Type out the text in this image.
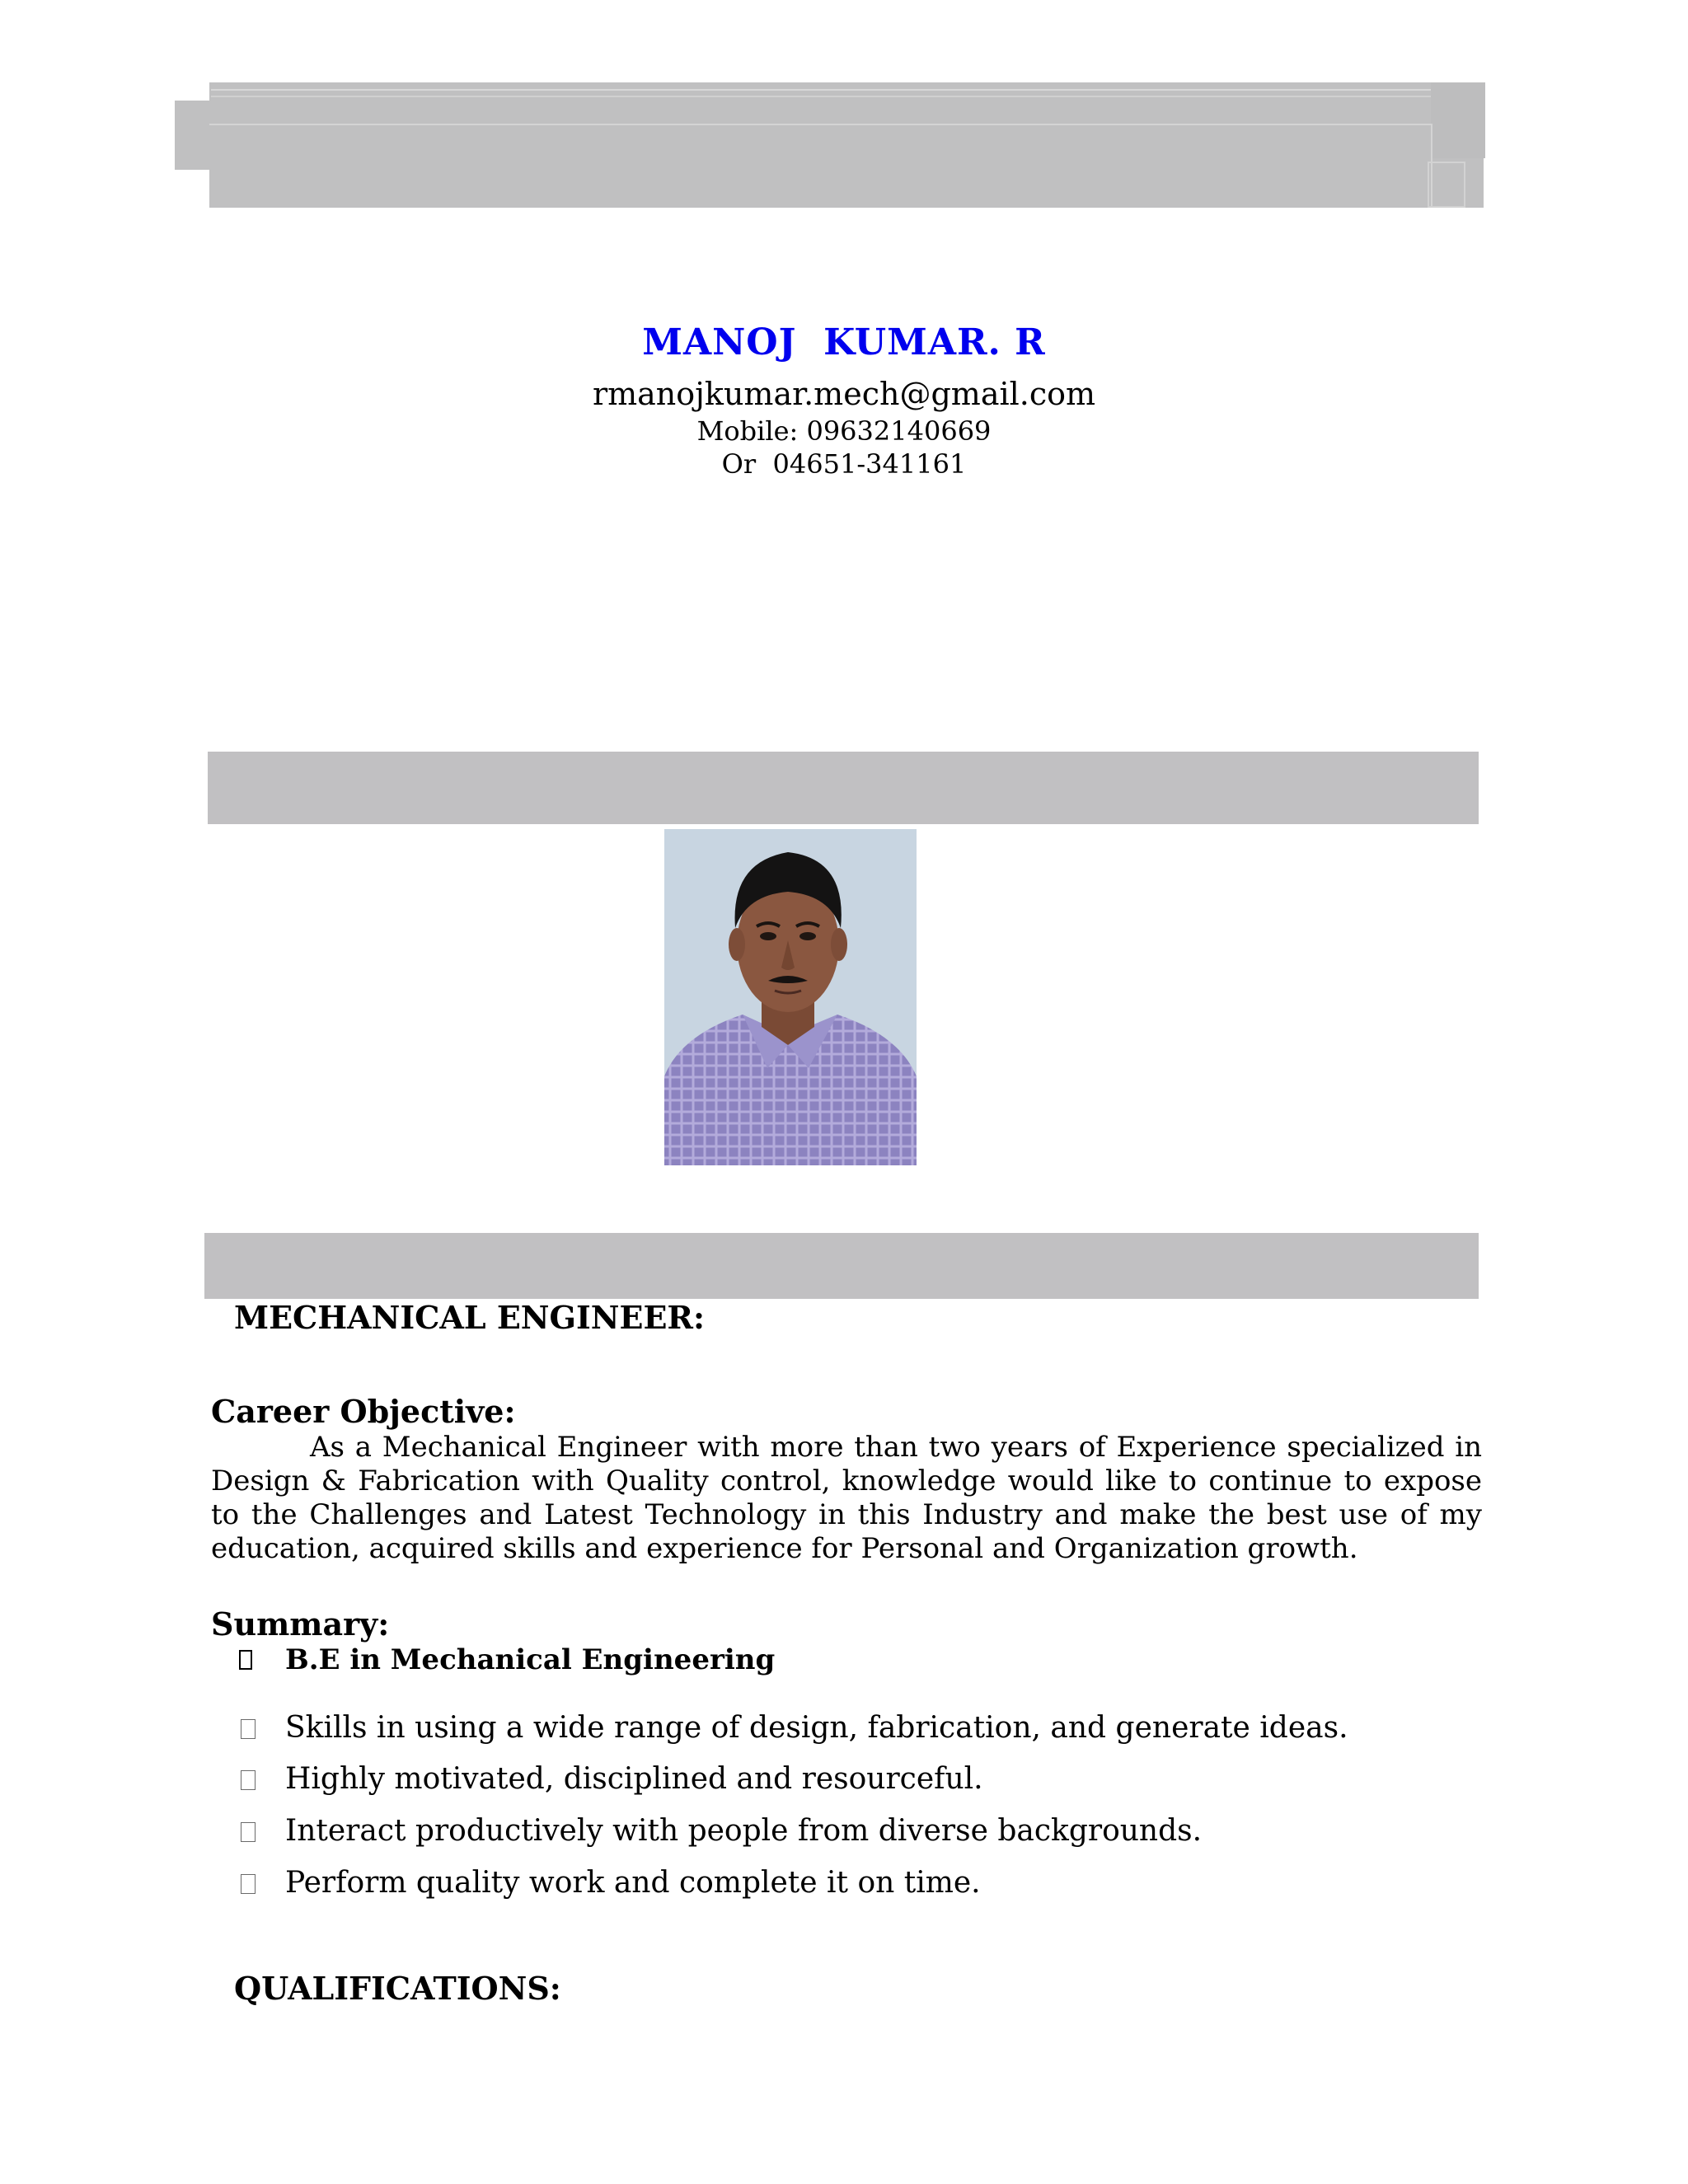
MANOJ  KUMAR. R
rmanojkumar.mech@gmail.com
Mobile: 09632140669
Or  04651-341161
MECHANICAL ENGINEER:
Career Objective:
As a Mechanical Engineer with more than two years of Experience specialized in Design & Fabrication with Quality control, knowledge would like to continue to expose to the Challenges and Latest Technology in this Industry and make the best use of my education, acquired skills and experience for Personal and Organization growth.
Summary:
B.E in Mechanical Engineering
Skills in using a wide range of design, fabrication, and generate ideas.
Highly motivated, disciplined and resourceful.
Interact productively with people from diverse backgrounds.
Perform quality work and complete it on time.
QUALIFICATIONS:
